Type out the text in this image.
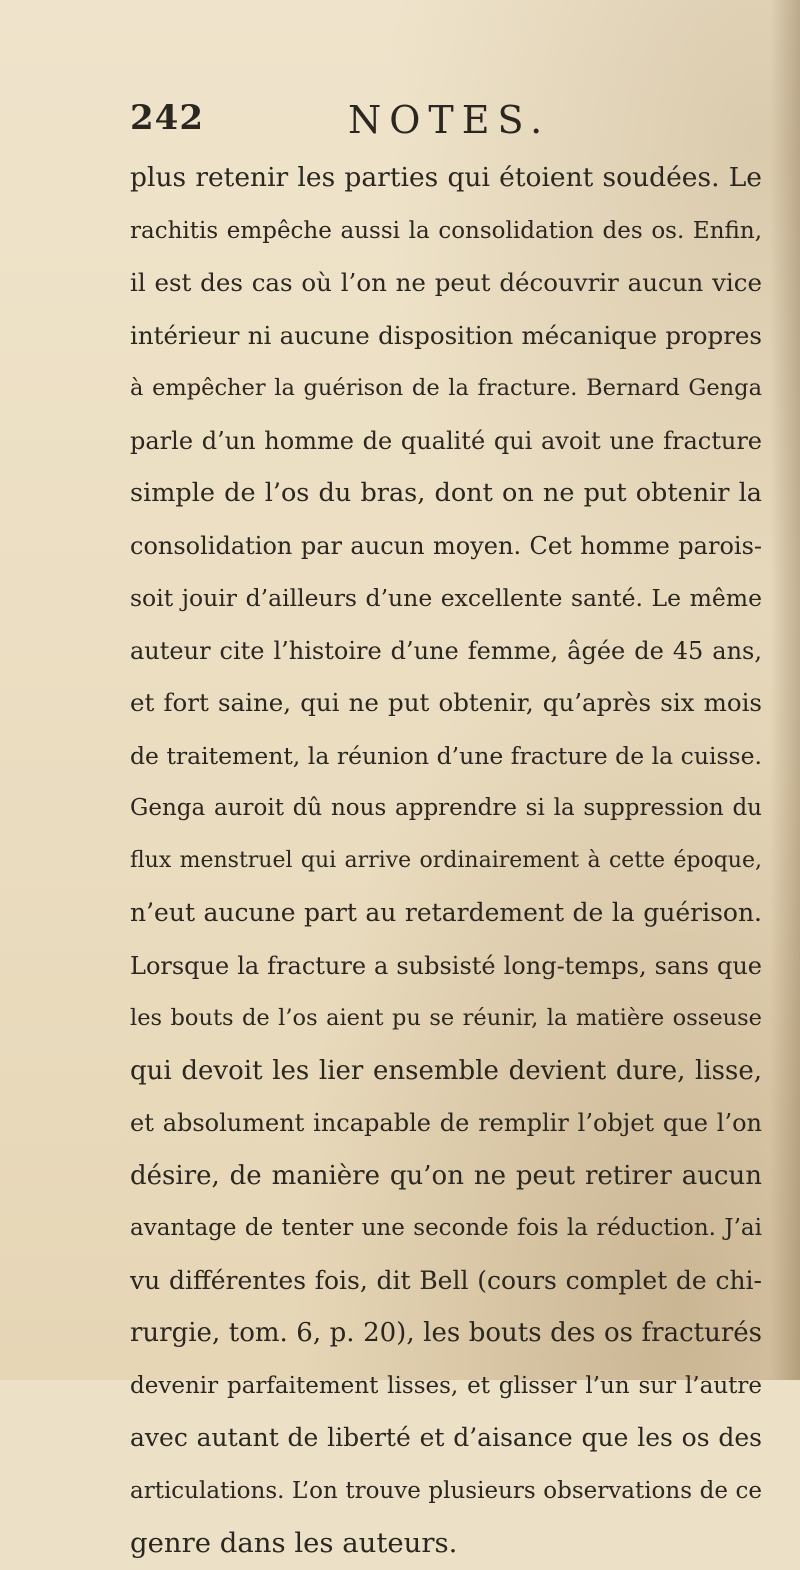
242	NOTES.
plus retenir les parties qui étoient soudées. Le
rachitis empêche aussi la consolidation des os. Enfin,
il est des cas où l’on ne peut découvrir aucun vice
intérieur ni aucune disposition mécanique propres
à empêcher la guérison de la fracture. Bernard Genga
parle d’un homme de qualité qui avoit une fracture
simple de l’os du bras, dont on ne put obtenir la
consolidation par aucun moyen. Cet homme parois-
soit jouir d’ailleurs d’une excellente santé. Le même
auteur cite l’histoire d’une femme, âgée de 45 ans,
et fort saine, qui ne put obtenir, qu’après six mois
de traitement, la réunion d’une fracture de la cuisse.
Genga auroit dû nous apprendre si la suppression du
flux menstruel qui arrive ordinairement à cette époque,
n’eut aucune part au retardement de la guérison.
Lorsque la fracture a subsisté long-temps, sans que
les bouts de l’os aient pu se réunir, la matière osseuse
qui devoit les lier ensemble devient dure, lisse,
et absolument incapable de remplir l’objet que l’on
désire, de manière qu’on ne peut retirer aucun
avantage de tenter une seconde fois la réduction. J’ai
vu différentes fois, dit Bell (cours complet de chi-
rurgie, tom. 6, p. 20), les bouts des os fracturés
devenir parfaitement lisses, et glisser l’un sur l’autre
avec autant de liberté et d’aisance que les os des
articulations. L’on trouve plusieurs observations de ce
genre dans les auteurs.
